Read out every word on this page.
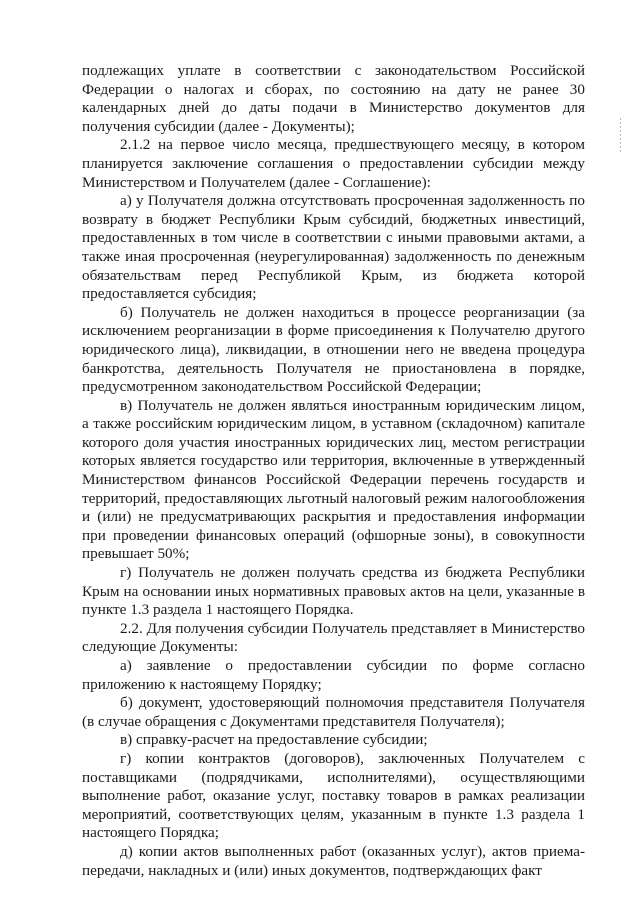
подлежащих уплате в соответствии с законодательством Российской Федерации о налогах и сборах, по состоянию на дату не ранее 30 календарных дней до даты подачи в Министерство документов для получения субсидии (далее - Документы);

2.1.2 на первое число месяца, предшествующего месяцу, в котором планируется заключение соглашения о предоставлении субсидии между Министерством и Получателем (далее - Соглашение):

а) у Получателя должна отсутствовать просроченная задолженность по возврату в бюджет Республики Крым субсидий, бюджетных инвестиций, предоставленных в том числе в соответствии с иными правовыми актами, а также иная просроченная (неурегулированная) задолженность по денежным обязательствам перед Республикой Крым, из бюджета которой предоставляется субсидия;

б) Получатель не должен находиться в процессе реорганизации (за исключением реорганизации в форме присоединения к Получателю другого юридического лица), ликвидации, в отношении него не введена процедура банкротства, деятельность Получателя не приостановлена в порядке, предусмотренном законодательством Российской Федерации;

в) Получатель не должен являться иностранным юридическим лицом, а также российским юридическим лицом, в уставном (складочном) капитале которого доля участия иностранных юридических лиц, местом регистрации которых является государство или территория, включенные в утвержденный Министерством финансов Российской Федерации перечень государств и территорий, предоставляющих льготный налоговый режим налогообложения и (или) не предусматривающих раскрытия и предоставления информации при проведении финансовых операций (офшорные зоны), в совокупности превышает 50%;

г) Получатель не должен получать средства из бюджета Республики Крым на основании иных нормативных правовых актов на цели, указанные в пункте 1.3 раздела 1 настоящего Порядка.

2.2. Для получения субсидии Получатель представляет в Министерство следующие Документы:

а) заявление о предоставлении субсидии по форме согласно приложению к настоящему Порядку;

б) документ, удостоверяющий полномочия представителя Получателя (в случае обращения с Документами представителя Получателя);

в) справку-расчет на предоставление субсидии;

г) копии контрактов (договоров), заключенных Получателем с поставщиками (подрядчиками, исполнителями), осуществляющими выполнение работ, оказание услуг, поставку товаров в рамках реализации мероприятий, соответствующих целям, указанным в пункте 1.3 раздела 1 настоящего Порядка;

д) копии актов выполненных работ (оказанных услуг), актов приема-передачи, накладных и (или) иных документов, подтверждающих факт
